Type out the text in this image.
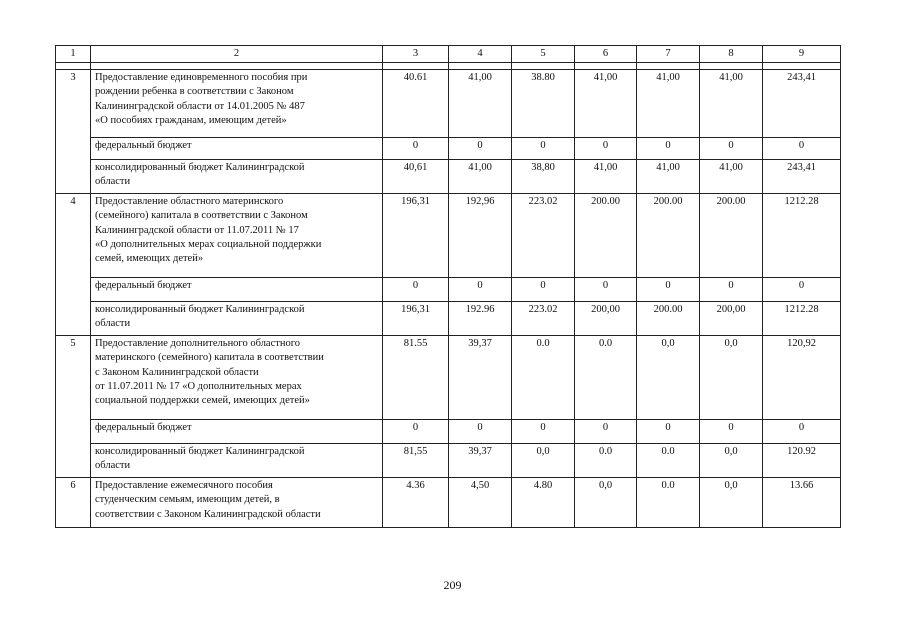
1	2	3	4	5	6	7	8	9

3	Предоставление единовременного пособия при
рождении ребенка в соответствии с Законом
Калининградской области от 14.01.2005 № 487
«О пособиях гражданам, имеющим детей»	40.61	41,00	38.80	41,00	41,00	41,00	243,41

	федеральный бюджет	0	0	0	0	0	0	0

	консолидированный бюджет Калининградской
области	40,61	41,00	38,80	41,00	41,00	41,00	243,41
4	Предоставление областного материнского
(семейного) капитала в соответствии с Законом
Калининградской области от 11.07.2011 № 17
«О дополнительных мерах социальной поддержки
семей, имеющих детей»	196,31	192,96	223.02	200.00	200.00	200.00	1212.28

	федеральный бюджет	0	0	0	0	0	0	0

	консолидированный бюджет Калининградской
области	196,31	192.96	223.02	200,00	200.00	200,00	1212.28
5	Предоставление дополнительного областного
материнского (семейного) капитала в соответствии
с Законом Калининградской области
от 11.07.2011 № 17 «О дополнительных мерах
социальной поддержки семей, имеющих детей»	81.55	39,37	0.0	0.0	0,0	0,0	120,92

	федеральный бюджет	0	0	0	0	0	0	0

	консолидированный бюджет Калининградской
области	81,55	39,37	0,0	0.0	0.0	0,0	120.92
6	Предоставление ежемесячного пособия
студенческим семьям, имеющим детей, в
соответствии с Законом Калининградской области	4.36	4,50	4.80	0,0	0.0	0,0	13.66
209
